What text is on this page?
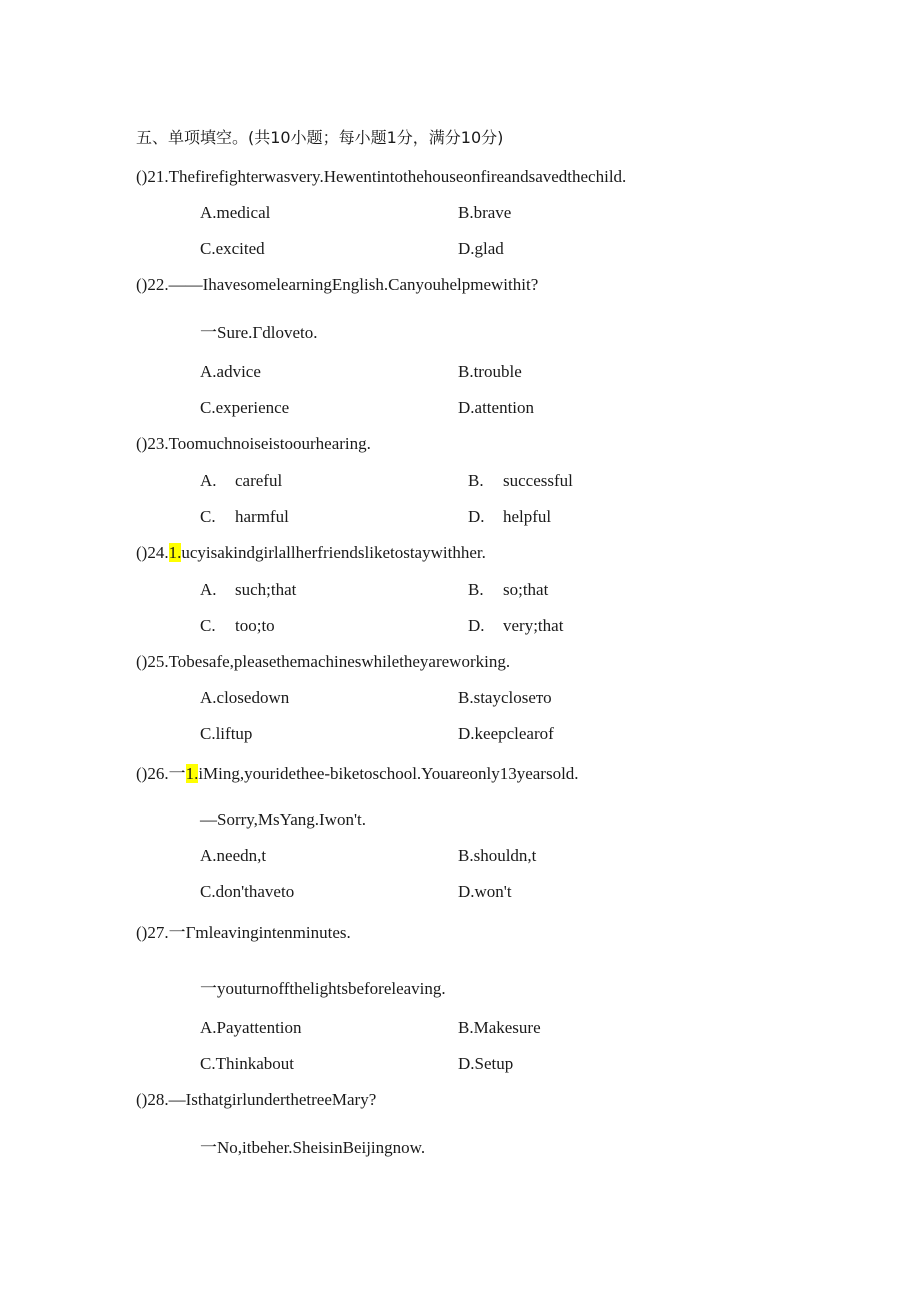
五、单项填空。(共10小题；每小题1分，满分10分)
()21.Thefirefighterwasvery.Hewentintothehouseonfireandsavedthechild.
A.medical	B.brave
C.excited	D.glad
()22.——IhavesomelearningEnglish.Canyouhelpmewithit?
一Sure.Γdloveto.
A.advice	B.trouble
C.experience	D.attention
()23.Toomuchnoiseistoourhearing.
A. careful	B. successful
C. harmful	D. helpful
()24.1.ucyisakindgirlallherfriendsliketostaywithher.
A. such;that	B. so;that
C. too;to	D. very;that
()25.Tobesafe,pleasethemachineswhiletheyareworking.
A.closedown	B.stayclosето
C.liftup	D.keepclearof
()26.一1.iMing,youridethee-biketoschool.Youareonly13yearsold.
—Sorry,MsYang.Iwon't.
A.needn,t	B.shouldn,t
C.don'thaveto	D.won't
()27.一Γmleavingintenminutes.
一youturnoffthelightsbeforeleaving.
A.Payattention	B.Makesure
C.Thinkabout	D.Setup
()28.—IsthatgirlunderthetreeMary?
一No,itbeher.SheisinBeijingnow.
